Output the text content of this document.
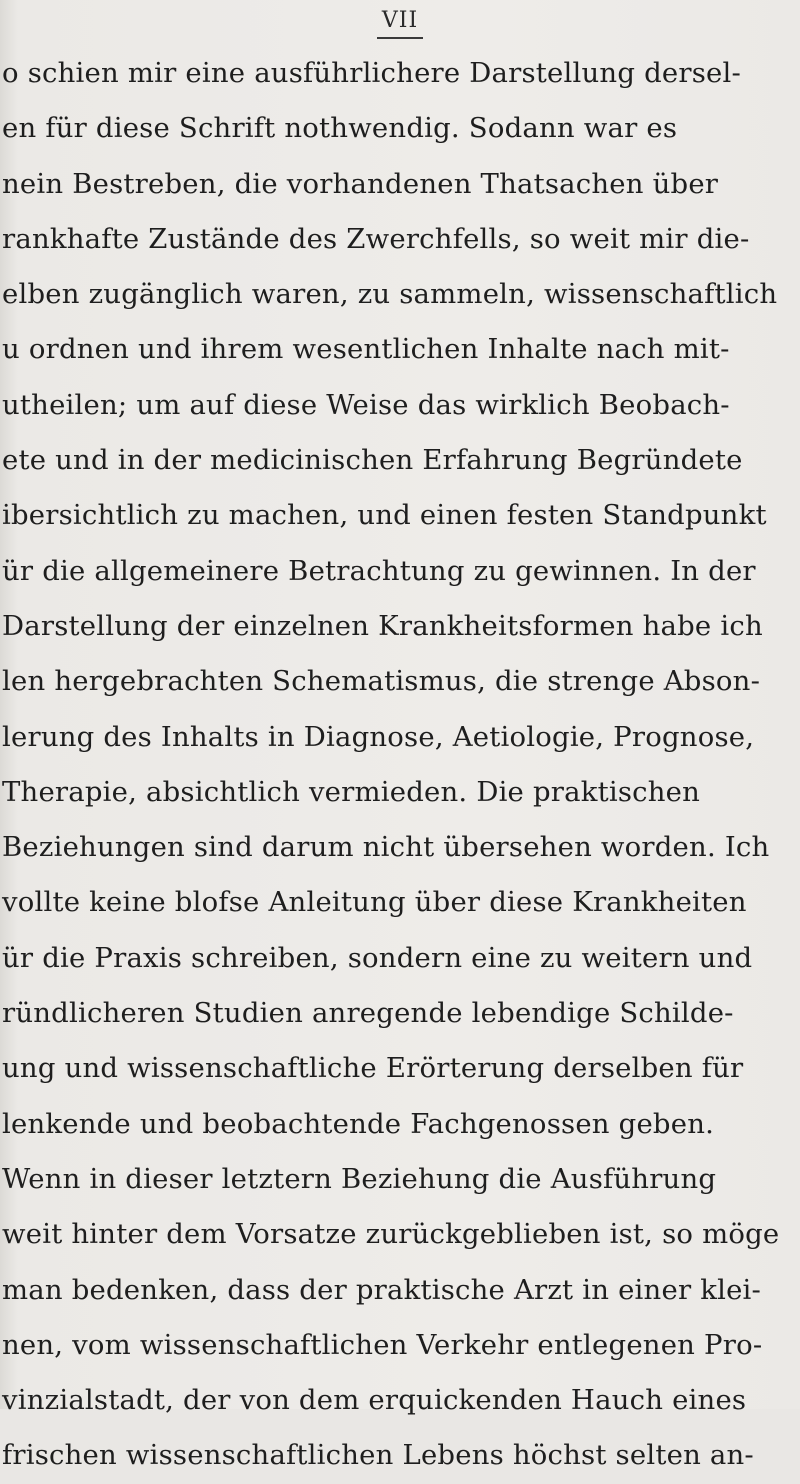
VII
o schien mir eine ausführlichere Darstellung dersel-
en für diese Schrift nothwendig. Sodann war es
nein Bestreben, die vorhandenen Thatsachen über
rankhafte Zustände des Zwerchfells, so weit mir die-
elben zugänglich waren, zu sammeln, wissenschaftlich
u ordnen und ihrem wesentlichen Inhalte nach mit-
utheilen; um auf diese Weise das wirklich Beobach-
ete und in der medicinischen Erfahrung Begründete
ibersichtlich zu machen, und einen festen Standpunkt
ür die allgemeinere Betrachtung zu gewinnen. In der
Darstellung der einzelnen Krankheitsformen habe ich
len hergebrachten Schematismus, die strenge Abson-
lerung des Inhalts in Diagnose, Aetiologie, Prognose,
Therapie, absichtlich vermieden. Die praktischen
Beziehungen sind darum nicht übersehen worden. Ich
vollte keine blofse Anleitung über diese Krankheiten
ür die Praxis schreiben, sondern eine zu weitern und
ründlicheren Studien anregende lebendige Schilde-
ung und wissenschaftliche Erörterung derselben für
lenkende und beobachtende Fachgenossen geben.
Wenn in dieser letztern Beziehung die Ausführung
weit hinter dem Vorsatze zurückgeblieben ist, so möge
man bedenken, dass der praktische Arzt in einer klei-
nen, vom wissenschaftlichen Verkehr entlegenen Pro-
vinzialstadt, der von dem erquickenden Hauch eines
frischen wissenschaftlichen Lebens höchst selten an-
